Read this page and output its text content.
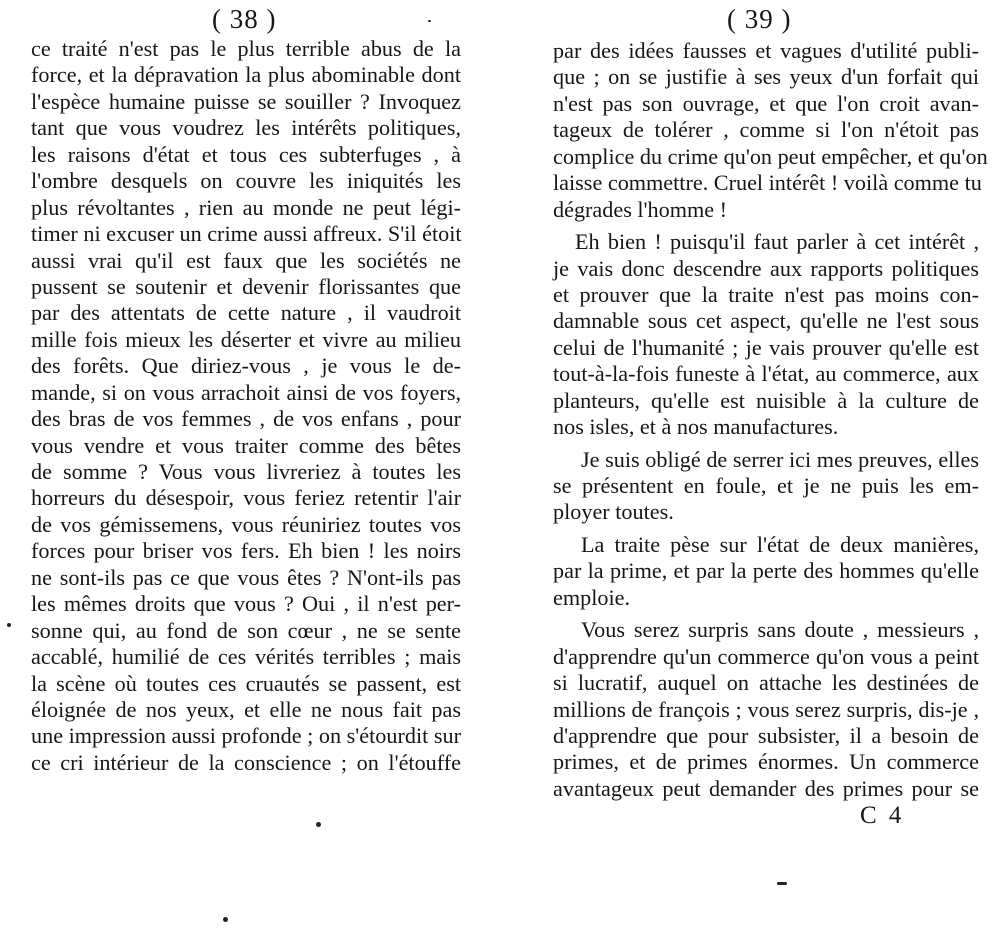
( 38 )
ce traité n'est pas le plus terrible abus de la
force, et la dépravation la plus abominable dont
l'espèce humaine puisse se souiller ? Invoquez
tant que vous voudrez les intérêts politiques,
les raisons d'état et tous ces subterfuges , à
l'ombre desquels on couvre les iniquités les
plus révoltantes , rien au monde ne peut légi-
timer ni excuser un crime aussi affreux. S'il étoit
aussi vrai qu'il est faux que les sociétés ne
pussent se soutenir et devenir florissantes que
par des attentats de cette nature , il vaudroit
mille fois mieux les déserter et vivre au milieu
des forêts. Que diriez-vous , je vous le de-
mande, si on vous arrachoit ainsi de vos foyers,
des bras de vos femmes , de vos enfans , pour
vous vendre et vous traiter comme des bêtes
de somme ? Vous vous livreriez à toutes les
horreurs du désespoir, vous feriez retentir l'air
de vos gémissemens, vous réuniriez toutes vos
forces pour briser vos fers. Eh bien ! les noirs
ne sont-ils pas ce que vous êtes ? N'ont-ils pas
les mêmes droits que vous ? Oui , il n'est per-
sonne qui, au fond de son cœur , ne se sente
accablé, humilié de ces vérités terribles ; mais
la scène où toutes ces cruautés se passent, est
éloignée de nos yeux, et elle ne nous fait pas
une impression aussi profonde ; on s'étourdit sur
ce cri intérieur de la conscience ; on l'étouffe
( 39 )
par des idées fausses et vagues d'utilité publi-
que ; on se justifie à ses yeux d'un forfait qui
n'est pas son ouvrage, et que l'on croit avan-
tageux de tolérer , comme si l'on n'étoit pas
complice du crime qu'on peut empêcher, et qu'on
laisse commettre. Cruel intérêt ! voilà comme tu
dégrades l'homme !
Eh bien ! puisqu'il faut parler à cet intérêt ,
je vais donc descendre aux rapports politiques
et prouver que la traite n'est pas moins con-
damnable sous cet aspect, qu'elle ne l'est sous
celui de l'humanité ; je vais prouver qu'elle est
tout-à-la-fois funeste à l'état, au commerce, aux
planteurs, qu'elle est nuisible à la culture de
nos isles, et à nos manufactures.
Je suis obligé de serrer ici mes preuves, elles
se présentent en foule, et je ne puis les em-
ployer toutes.
La traite pèse sur l'état de deux manières,
par la prime, et par la perte des hommes qu'elle
emploie.
Vous serez surpris sans doute , messieurs ,
d'apprendre qu'un commerce qu'on vous a peint
si lucratif, auquel on attache les destinées de
millions de françois ; vous serez surpris, dis-je ,
d'apprendre que pour subsister, il a besoin de
primes, et de primes énormes. Un commerce
avantageux peut demander des primes pour se
C 4
